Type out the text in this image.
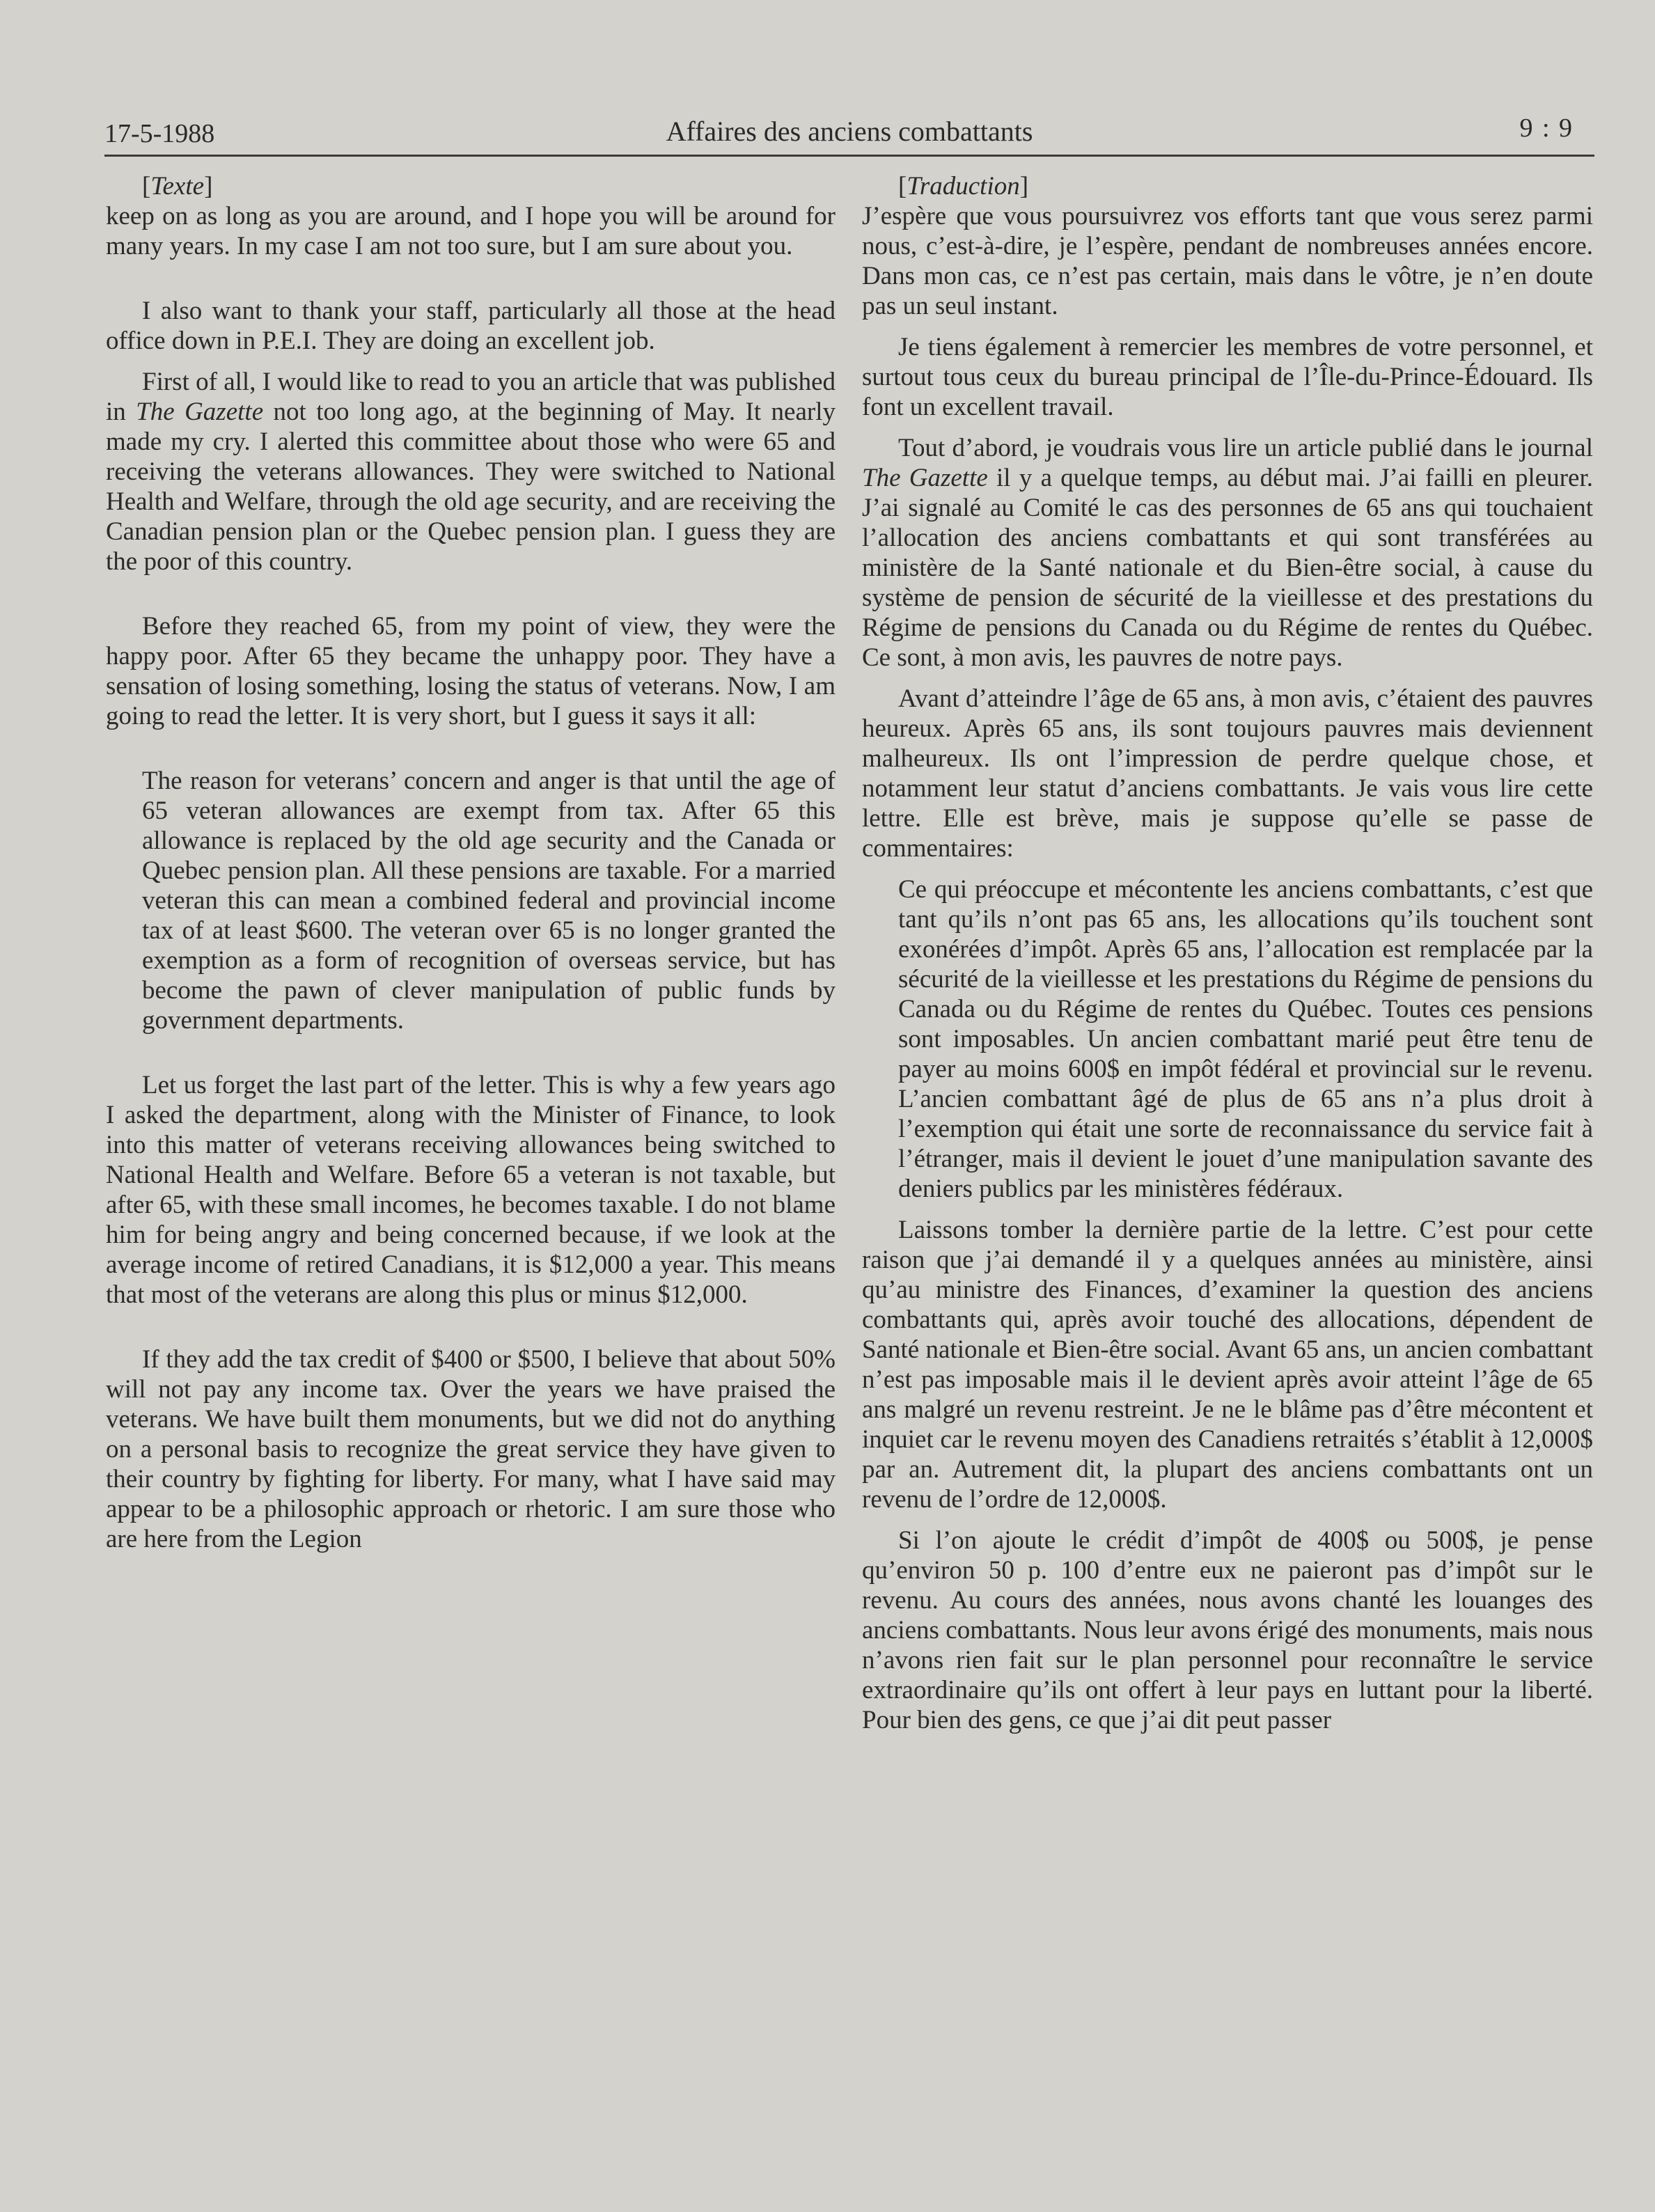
17-5-1988	Affaires des anciens combattants	9 : 9

[Texte]

keep on as long as you are around, and I hope you will be around for many years. In my case I am not too sure, but I am sure about you.

I also want to thank your staff, particularly all those at the head office down in P.E.I. They are doing an excellent job.

First of all, I would like to read to you an article that was published in The Gazette not too long ago, at the beginning of May. It nearly made my cry. I alerted this committee about those who were 65 and receiving the veterans allowances. They were switched to National Health and Welfare, through the old age security, and are receiving the Canadian pension plan or the Quebec pension plan. I guess they are the poor of this country.

Before they reached 65, from my point of view, they were the happy poor. After 65 they became the unhappy poor. They have a sensation of losing something, losing the status of veterans. Now, I am going to read the letter. It is very short, but I guess it says it all:

The reason for veterans’ concern and anger is that until the age of 65 veteran allowances are exempt from tax. After 65 this allowance is replaced by the old age security and the Canada or Quebec pension plan. All these pensions are taxable. For a married veteran this can mean a combined federal and provincial income tax of at least $600. The veteran over 65 is no longer granted the exemption as a form of recognition of overseas service, but has become the pawn of clever manipulation of public funds by government departments.

Let us forget the last part of the letter. This is why a few years ago I asked the department, along with the Minister of Finance, to look into this matter of veterans receiving allowances being switched to National Health and Welfare. Before 65 a veteran is not taxable, but after 65, with these small incomes, he becomes taxable. I do not blame him for being angry and being concerned because, if we look at the average income of retired Canadians, it is $12,000 a year. This means that most of the veterans are along this plus or minus $12,000.

If they add the tax credit of $400 or $500, I believe that about 50% will not pay any income tax. Over the years we have praised the veterans. We have built them monuments, but we did not do anything on a personal basis to recognize the great service they have given to their country by fighting for liberty. For many, what I have said may appear to be a philosophic approach or rhetoric. I am sure those who are here from the Legion

[Traduction]

J’espère que vous poursuivrez vos efforts tant que vous serez parmi nous, c’est-à-dire, je l’espère, pendant de nombreuses années encore. Dans mon cas, ce n’est pas certain, mais dans le vôtre, je n’en doute pas un seul instant.

Je tiens également à remercier les membres de votre personnel, et surtout tous ceux du bureau principal de l’Île-du-Prince-Édouard. Ils font un excellent travail.

Tout d’abord, je voudrais vous lire un article publié dans le journal The Gazette il y a quelque temps, au début mai. J’ai failli en pleurer. J’ai signalé au Comité le cas des personnes de 65 ans qui touchaient l’allocation des anciens combattants et qui sont transférées au ministère de la Santé nationale et du Bien-être social, à cause du système de pension de sécurité de la vieillesse et des prestations du Régime de pensions du Canada ou du Régime de rentes du Québec. Ce sont, à mon avis, les pauvres de notre pays.

Avant d’atteindre l’âge de 65 ans, à mon avis, c’étaient des pauvres heureux. Après 65 ans, ils sont toujours pauvres mais deviennent malheureux. Ils ont l’impression de perdre quelque chose, et notamment leur statut d’anciens combattants. Je vais vous lire cette lettre. Elle est brève, mais je suppose qu’elle se passe de commentaires:

Ce qui préoccupe et mécontente les anciens combattants, c’est que tant qu’ils n’ont pas 65 ans, les allocations qu’ils touchent sont exonérées d’impôt. Après 65 ans, l’allocation est remplacée par la sécurité de la vieillesse et les prestations du Régime de pensions du Canada ou du Régime de rentes du Québec. Toutes ces pensions sont imposables. Un ancien combattant marié peut être tenu de payer au moins 600$ en impôt fédéral et provincial sur le revenu. L’ancien combattant âgé de plus de 65 ans n’a plus droit à l’exemption qui était une sorte de reconnaissance du service fait à l’étranger, mais il devient le jouet d’une manipulation savante des deniers publics par les ministères fédéraux.

Laissons tomber la dernière partie de la lettre. C’est pour cette raison que j’ai demandé il y a quelques années au ministère, ainsi qu’au ministre des Finances, d’examiner la question des anciens combattants qui, après avoir touché des allocations, dépendent de Santé nationale et Bien-être social. Avant 65 ans, un ancien combattant n’est pas imposable mais il le devient après avoir atteint l’âge de 65 ans malgré un revenu restreint. Je ne le blâme pas d’être mécontent et inquiet car le revenu moyen des Canadiens retraités s’établit à 12,000$ par an. Autrement dit, la plupart des anciens combattants ont un revenu de l’ordre de 12,000$.

Si l’on ajoute le crédit d’impôt de 400$ ou 500$, je pense qu’environ 50 p. 100 d’entre eux ne paieront pas d’impôt sur le revenu. Au cours des années, nous avons chanté les louanges des anciens combattants. Nous leur avons érigé des monuments, mais nous n’avons rien fait sur le plan personnel pour reconnaître le service extraordinaire qu’ils ont offert à leur pays en luttant pour la liberté. Pour bien des gens, ce que j’ai dit peut passer
